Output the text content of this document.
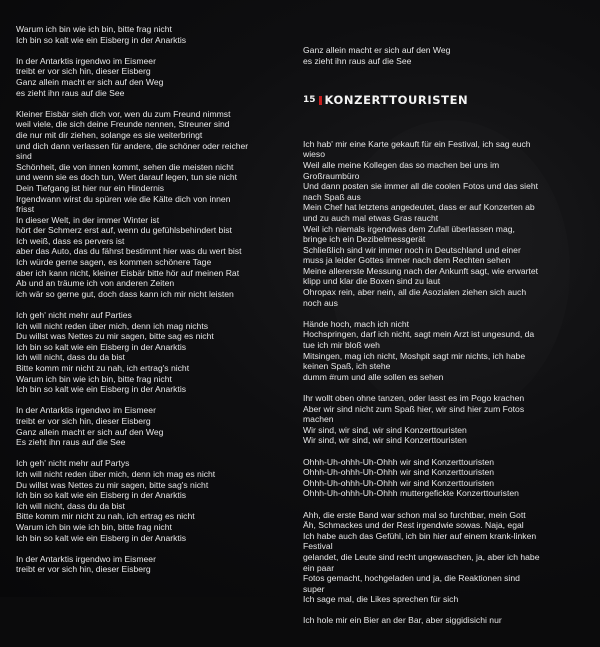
Warum ich bin wie ich bin, bitte frag nicht
Ich bin so kalt wie ein Eisberg in der Anarktis
In der Antarktis irgendwo im Eismeer
treibt er vor sich hin, dieser Eisberg
Ganz allein macht er sich auf den Weg
es zieht ihn raus auf die See
Kleiner Eisbär sieh dich vor, wen du zum Freund nimmst
weil viele, die sich deine Freunde nennen, Streuner sind
die nur mit dir ziehen, solange es sie weiterbringt
und dich dann verlassen für andere, die schöner oder reicher
sind
Schönheit, die von innen kommt, sehen die meisten nicht
und wenn sie es doch tun, Wert darauf legen, tun sie nicht
Dein Tiefgang ist hier nur ein Hindernis
Irgendwann wirst du spüren wie die Kälte dich von innen
frisst
In dieser Welt, in der immer Winter ist
hört der Schmerz erst auf, wenn du gefühlsbehindert bist
Ich weiß, dass es pervers ist
aber das Auto, das du fährst bestimmt hier was du wert bist
Ich würde gerne sagen, es kommen schönere Tage
aber ich kann nicht, kleiner Eisbär bitte hör auf meinen Rat
Ab und an träume ich von anderen Zeiten
ich wär so gerne gut, doch dass kann ich mir nicht leisten
Ich geh' nicht mehr auf Parties
Ich will nicht reden über mich, denn ich mag nichts
Du willst was Nettes zu mir sagen, bitte sag es nicht
Ich bin so kalt wie ein Eisberg in der Anarktis
Ich will nicht, dass du da bist
Bitte komm mir nicht zu nah, ich ertrag's nicht
Warum ich bin wie ich bin, bitte frag nicht
Ich bin so kalt wie ein Eisberg in der Anarktis
In der Antarktis irgendwo im Eismeer
treibt er vor sich hin, dieser Eisberg
Ganz allein macht er sich auf den Weg
Es zieht ihn raus auf die See
Ich geh' nicht mehr auf Partys
Ich will nicht reden über mich, denn ich mag es nicht
Du willst was Nettes zu mir sagen, bitte sag's nicht
Ich bin so kalt wie ein Eisberg in der Anarktis
Ich will nicht, dass du da bist
Bitte komm mir nicht zu nah, ich ertrag es nicht
Warum ich bin wie ich bin, bitte frag nicht
Ich bin so kalt wie ein Eisberg in der Anarktis
In der Antarktis irgendwo im Eismeer
treibt er vor sich hin, dieser Eisberg

Ganz allein macht er sich auf den Weg
es zieht ihn raus auf die See

15 KONZERTTOURISTEN

Ich hab' mir eine Karte gekauft für ein Festival, ich sag euch
wieso
Weil alle meine Kollegen das so machen bei uns im
Großraumbüro
Und dann posten sie immer all die coolen Fotos und das sieht
nach Spaß aus
Mein Chef hat letztens angedeutet, dass er auf Konzerten ab
und zu auch mal etwas Gras raucht
Weil ich niemals irgendwas dem Zufall überlassen mag,
bringe ich ein Dezibelmessgerät
Schließlich sind wir immer noch in Deutschland und einer
muss ja leider Gottes immer nach dem Rechten sehen
Meine allererste Messung nach der Ankunft sagt, wie erwartet
klipp und klar die Boxen sind zu laut
Ohropax rein, aber nein, all die Asozialen ziehen sich auch
noch aus
Hände hoch, mach ich nicht
Hochspringen, darf ich nicht, sagt mein Arzt ist ungesund, da
tue ich mir bloß weh
Mitsingen, mag ich nicht, Moshpit sagt mir nichts, ich habe
keinen Spaß, ich stehe
dumm #rum und alle sollen es sehen
Ihr wollt oben ohne tanzen, oder lasst es im Pogo krachen
Aber wir sind nicht zum Spaß hier, wir sind hier zum Fotos
machen
Wir sind, wir sind, wir sind Konzerttouristen
Wir sind, wir sind, wir sind Konzerttouristen
Ohhh-Uh-ohhh-Uh-Ohhh wir sind Konzerttouristen
Ohhh-Uh-ohhh-Uh-Ohhh wir sind Konzerttouristen
Ohhh-Uh-ohhh-Uh-Ohhh wir sind Konzerttouristen
Ohhh-Uh-ohhh-Uh-Ohhh muttergefickte Konzerttouristen
Ahh, die erste Band war schon mal so furchtbar, mein Gott
Äh, Schmackes und der Rest irgendwie sowas. Naja, egal
Ich habe auch das Gefühl, ich bin hier auf einem krank-linken
Festival
gelandet, die Leute sind recht ungewaschen, ja, aber ich habe
ein paar
Fotos gemacht, hochgeladen und ja, die Reaktionen sind
super
Ich sage mal, die Likes sprechen für sich
Ich hole mir ein Bier an der Bar, aber siggidisichi nur
